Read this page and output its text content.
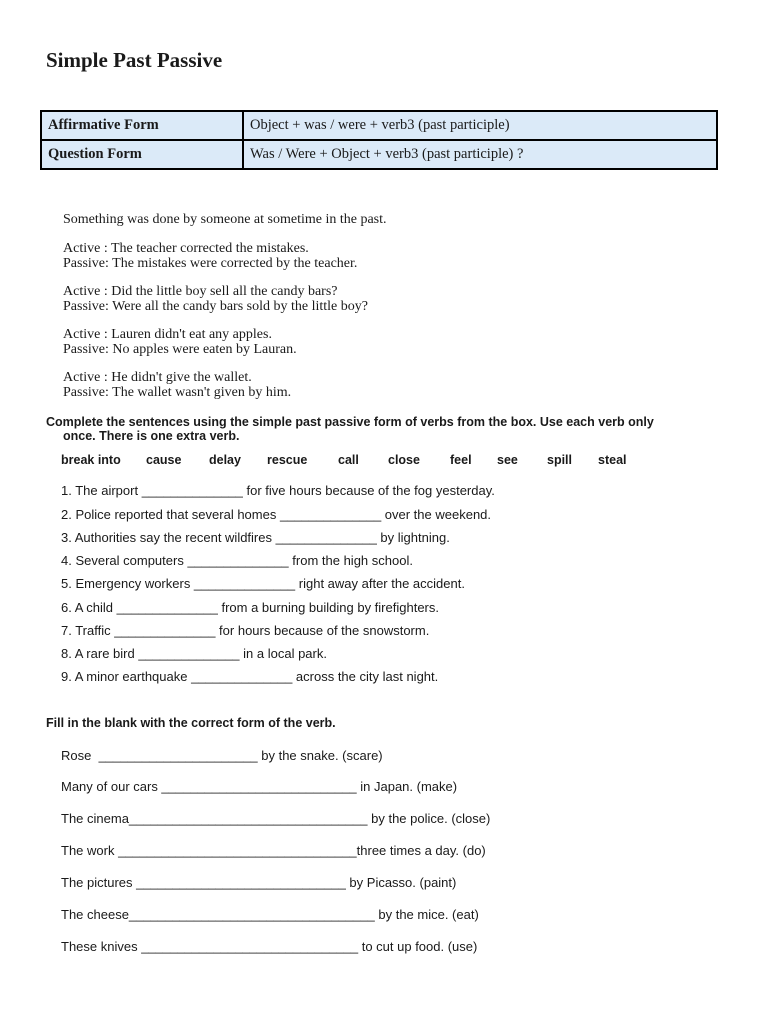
Simple Past Passive
Affirmative Form	Object + was / were + verb3 (past participle)
Question Form	Was / Were + Object + verb3 (past participle) ?
Something was done by someone at sometime in the past.
Active : The teacher corrected the mistakes.
Passive: The mistakes were corrected by the teacher.
Active : Did the little boy sell all the candy bars?
Passive: Were all the candy bars sold by the little boy?
Active : Lauren didn't eat any apples.
Passive: No apples were eaten by Lauran.
Active : He didn't give the wallet.
Passive: The wallet wasn't given by him.
Complete the sentences using the simple past passive form of verbs from the box. Use each verb only
once. There is one extra verb.
break into	cause	delay	rescue	call	close	feel	see	spill	steal
1. The airport ______________ for five hours because of the fog yesterday.
2. Police reported that several homes ______________ over the weekend.
3. Authorities say the recent wildfires ______________ by lightning.
4. Several computers ______________ from the high school.
5. Emergency workers ______________ right away after the accident.
6. A child ______________ from a burning building by firefighters.
7. Traffic ______________ for hours because of the snowstorm.
8. A rare bird ______________ in a local park.
9. A minor earthquake ______________ across the city last night.
Fill in the blank with the correct form of the verb.
Rose  ______________________ by the snake. (scare)
Many of our cars ___________________________ in Japan. (make)
The cinema_________________________________ by the police. (close)
The work _________________________________three times a day. (do)
The pictures _____________________________ by Picasso. (paint)
The cheese__________________________________ by the mice. (eat)
These knives ______________________________ to cut up food. (use)
